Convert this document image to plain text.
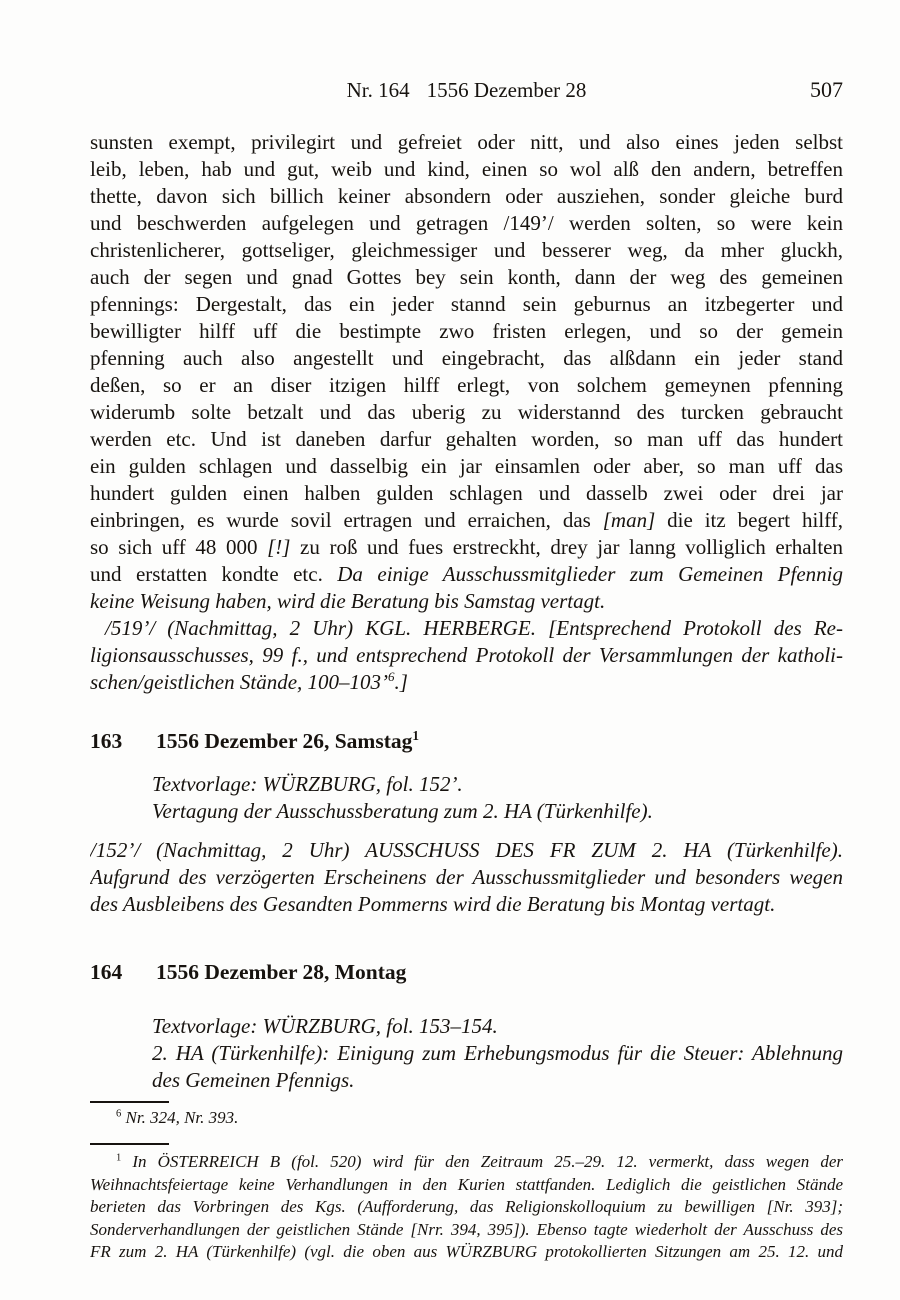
Nr. 164 1556 Dezember 28	507
sunsten exempt, privilegirt und gefreiet oder nitt, und also eines jeden selbst
leib, leben, hab und gut, weib und kind, einen so wol alß den andern, betreffen
thette, davon sich billich keiner absondern oder ausziehen, sonder gleiche burd
und beschwerden aufgelegen und getragen /149’/ werden solten, so were kein
christenlicherer, gottseliger, gleichmessiger und besserer weg, da mher gluckh,
auch der segen und gnad Gottes bey sein konth, dann der weg des gemeinen
pfennings: Dergestalt, das ein jeder stannd sein geburnus an itzbegerter und
bewilligter hilff uff die bestimpte zwo fristen erlegen, und so der gemein
pfenning auch also angestellt und eingebracht, das alßdann ein jeder stand
deßen, so er an diser itzigen hilff erlegt, von solchem gemeynen pfenning
widerumb solte betzalt und das uberig zu widerstannd des turcken gebraucht
werden etc. Und ist daneben darfur gehalten worden, so man uff das hundert
ein gulden schlagen und dasselbig ein jar einsamlen oder aber, so man uff das
hundert gulden einen halben gulden schlagen und dasselb zwei oder drei jar
einbringen, es wurde sovil ertragen und erraichen, das [man] die itz begert hilff,
so sich uff 48 000 [!] zu roß und fues erstreckht, drey jar lanng volliglich erhalten
und erstatten kondte etc. Da einige Ausschussmitglieder zum Gemeinen Pfennig
keine Weisung haben, wird die Beratung bis Samstag vertagt.
/519’/ (Nachmittag, 2 Uhr) KGL. HERBERGE. [Entsprechend Protokoll des Re-
ligionsausschusses, 99 f., und entsprechend Protokoll der Versammlungen der katholi-
schen/geistlichen Stände, 100–103’$^6$.]
163	1556 Dezember 26, Samstag$^1$
Textvorlage: WÜRZBURG, fol. 152’.
Vertagung der Ausschussberatung zum 2. HA (Türkenhilfe).
/152’/ (Nachmittag, 2 Uhr) AUSSCHUSS DES FR ZUM 2. HA (Türkenhilfe).
Aufgrund des verzögerten Erscheinens der Ausschussmitglieder und besonders wegen
des Ausbleibens des Gesandten Pommerns wird die Beratung bis Montag vertagt.
164	1556 Dezember 28, Montag
Textvorlage: WÜRZBURG, fol. 153–154.
2. HA (Türkenhilfe): Einigung zum Erhebungsmodus für die Steuer: Ablehnung
des Gemeinen Pfennigs.
$^6$ Nr. 324, Nr. 393.
$^1$ In ÖSTERREICH B (fol. 520) wird für den Zeitraum 25.–29. 12. vermerkt, dass wegen der
Weihnachtsfeiertage keine Verhandlungen in den Kurien stattfanden. Lediglich die geistlichen Stände
berieten das Vorbringen des Kgs. (Aufforderung, das Religionskolloquium zu bewilligen [Nr. 393];
Sonderverhandlungen der geistlichen Stände [Nrr. 394, 395]). Ebenso tagte wiederholt der Ausschuss des
FR zum 2. HA (Türkenhilfe) (vgl. die oben aus WÜRZBURG protokollierten Sitzungen am 25. 12. und
